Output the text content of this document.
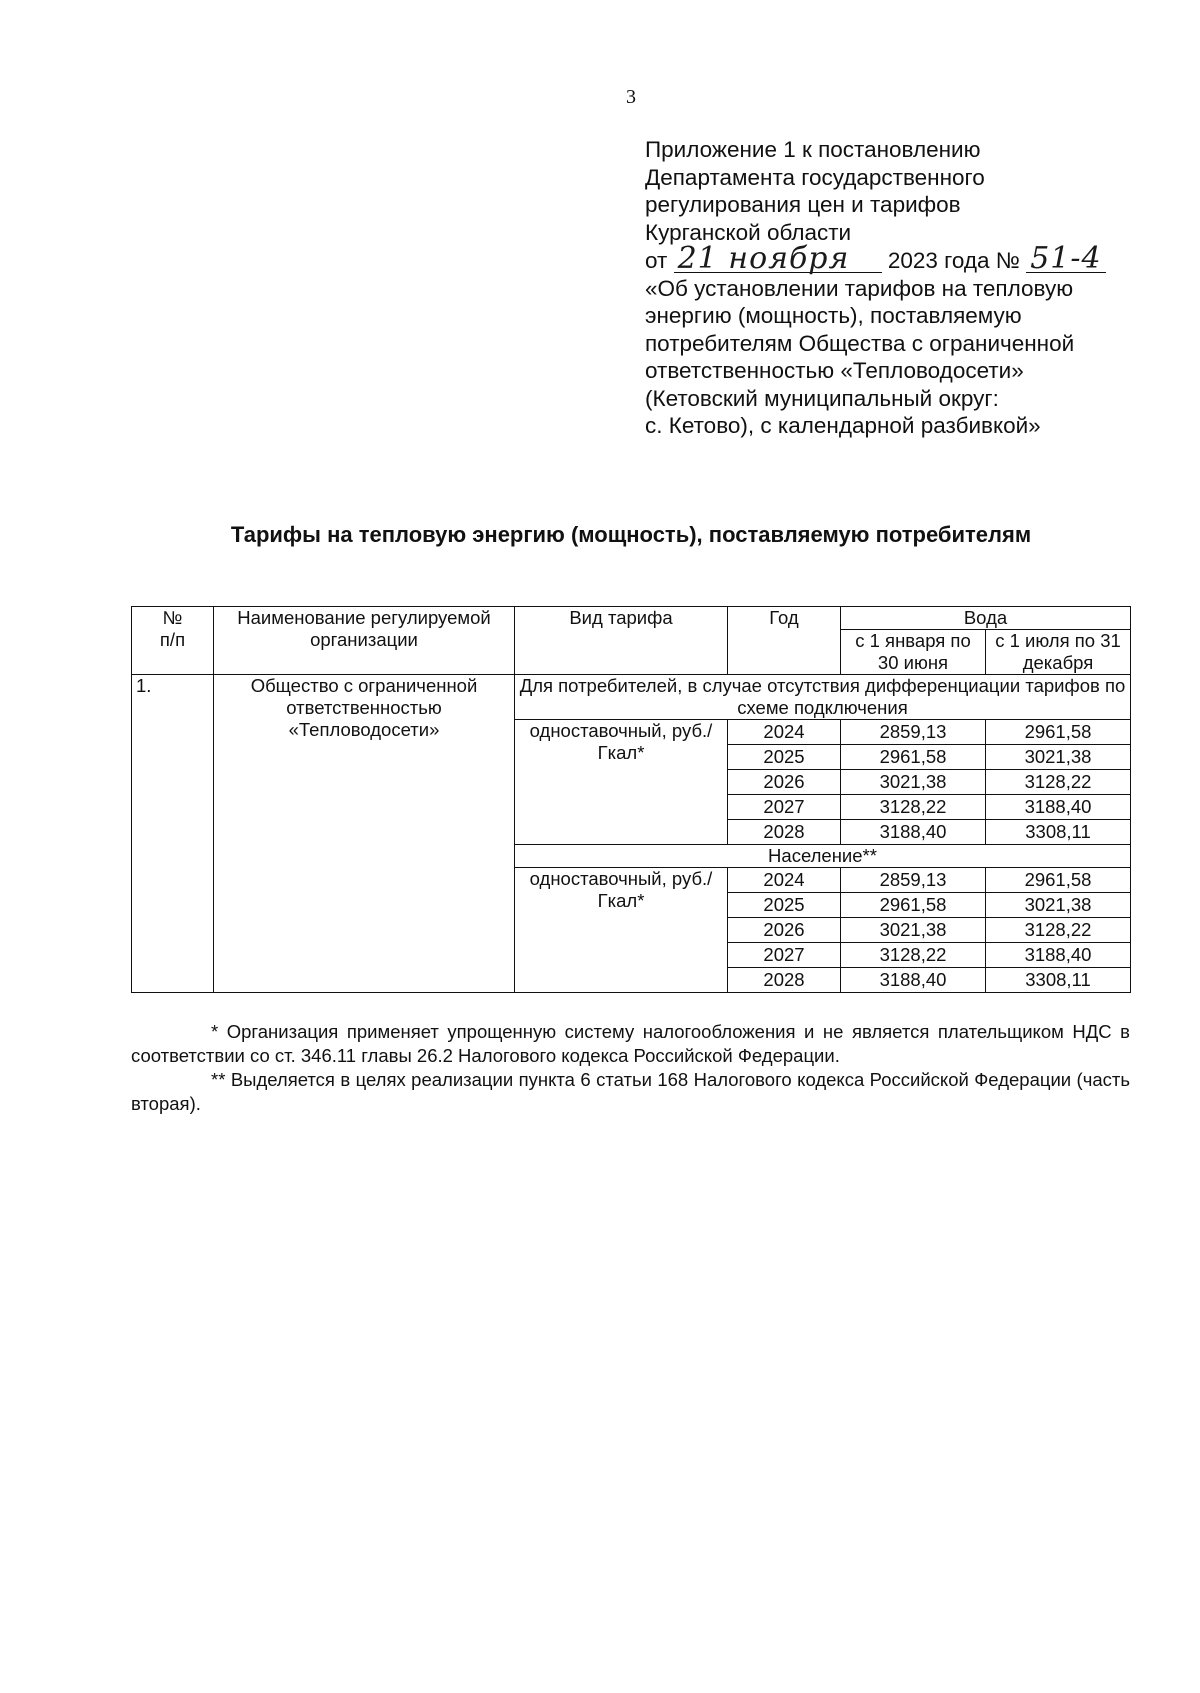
3
Приложение 1 к постановлению
Департамента государственного
регулирования цен и тарифов
Курганской области
от 21 ноября 2023 года № 51-4
«Об установлении тарифов на тепловую
энергию (мощность), поставляемую
потребителям Общества с ограниченной
ответственностью «Тепловодосети»
(Кетовский муниципальный округ:
с. Кетово), с календарной разбивкой»
Тарифы на тепловую энергию (мощность), поставляемую потребителям
№
п/п	Наименование регулируемой организации	Вид тарифа	Год	Вода	
				с 1 января по 30 июня	с 1 июля по 31 декабря
1.	Общество с ограниченной ответственностью «Тепловодосети»	Для потребителей, в случае отсутствия дифференциации тарифов по схеме подключения			
		одноставочный, руб./Гкал*	2024	2859,13	2961,58
			2025	2961,58	3021,38
			2026	3021,38	3128,22
			2027	3128,22	3188,40
			2028	3188,40	3308,11
		Население**			
		одноставочный, руб./Гкал*	2024	2859,13	2961,58
			2025	2961,58	3021,38
			2026	3021,38	3128,22
			2027	3128,22	3188,40
			2028	3188,40	3308,11

* Организация применяет упрощенную систему налогообложения и не является плательщиком НДС в соответствии со ст. 346.11 главы 26.2 Налогового кодекса Российской Федерации.

** Выделяется в целях реализации пункта 6 статьи 168 Налогового кодекса Российской Федерации (часть вторая).
